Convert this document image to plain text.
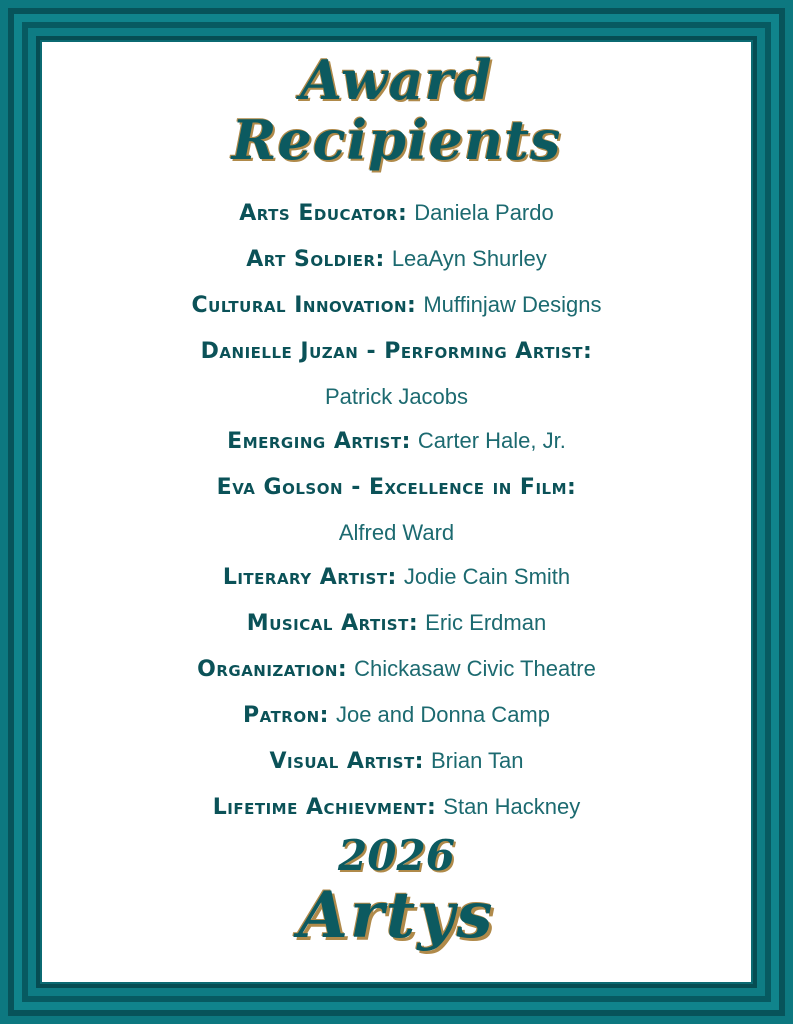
Award
Recipients
Arts Educator: Daniela Pardo
Art Soldier: LeaAyn Shurley
Cultural Innovation: Muffinjaw Designs
Danielle Juzan - Performing Artist:
Patrick Jacobs
Emerging Artist: Carter Hale, Jr.
Eva Golson - Excellence in Film:
Alfred Ward
Literary Artist: Jodie Cain Smith
Musical Artist: Eric Erdman
Organization: Chickasaw Civic Theatre
Patron: Joe and Donna Camp
Visual Artist: Brian Tan
Lifetime Achievment: Stan Hackney
2026
Artys
